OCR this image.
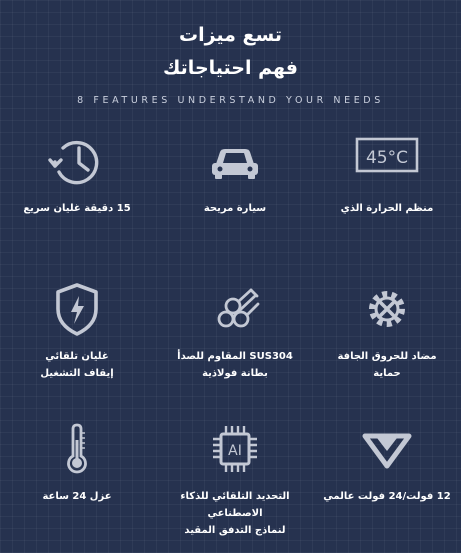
تسع ميزات
فهم احتياجاتك
8 FEATURES UNDERSTAND YOUR NEEDS
15 دقيقة غليان سريع	سيارة مريحة
45°C
منظم الحرارة الذي
غليان تلقائي
إيقاف التشغيل
SUS304 المقاوم للصدأ
بطانة فولاذية
مضاد للحروق الجافة
حماية
عزل 24 ساعة
AI
التحديد التلقائي للذكاء الاصطناعي
لنماذج التدفق المقيد
12 فولت/24 فولت عالمي
